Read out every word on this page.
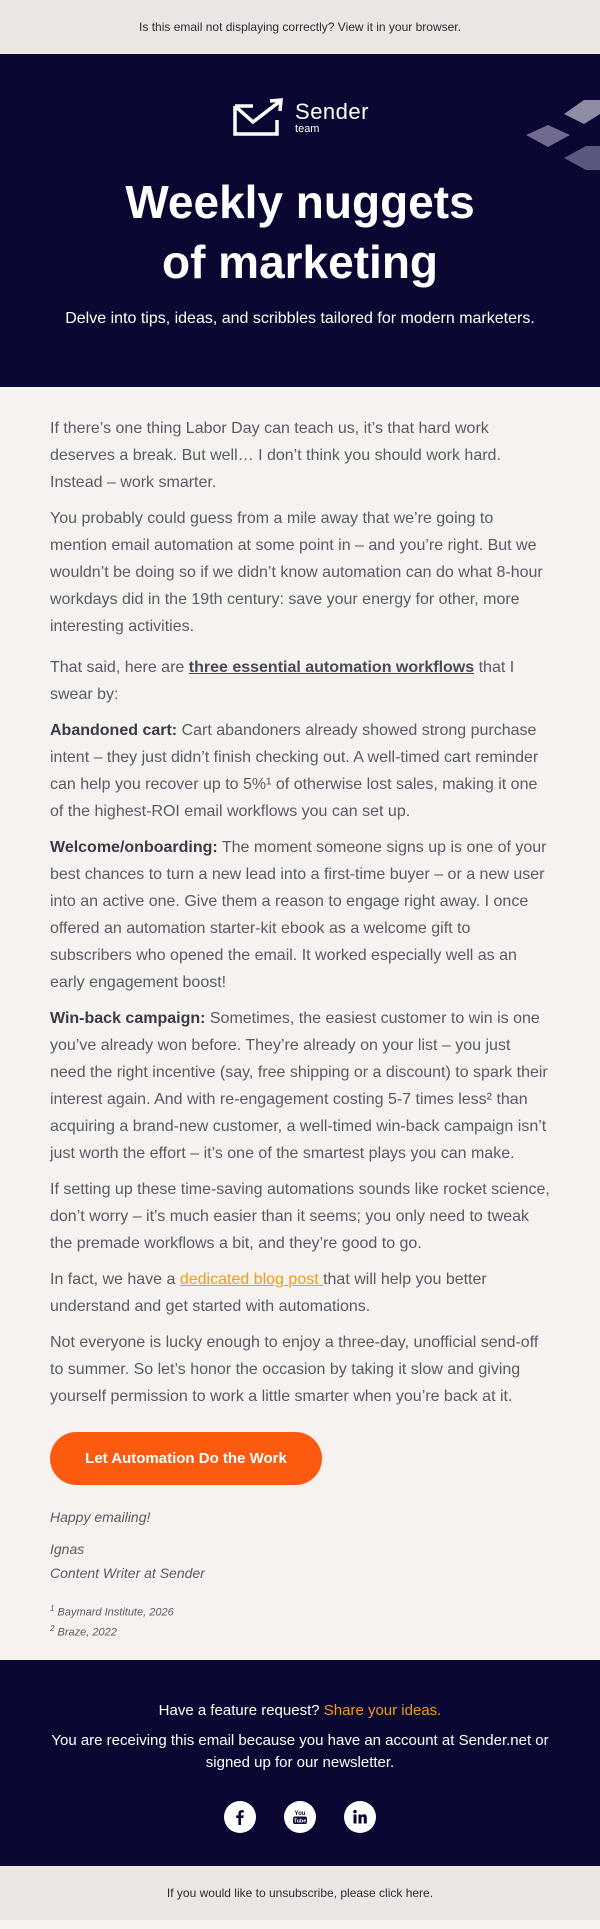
Is this email not displaying correctly? View it in your browser.
Sender
team
Weekly nuggets
of marketing
Delve into tips, ideas, and scribbles tailored for modern marketers.

If there’s one thing Labor Day can teach us, it’s that hard work deserves a break. But well… I don’t think you should work hard. Instead – work smarter.

You probably could guess from a mile away that we’re going to mention email automation at some point in – and you’re right. But we wouldn’t be doing so if we didn’t know automation can do what 8-hour workdays did in the 19th century: save your energy for other, more interesting activities.

That said, here are three essential automation workflows that I swear by:

Abandoned cart: Cart abandoners already showed strong purchase intent – they just didn’t finish checking out. A well-timed cart reminder can help you recover up to 5%¹ of otherwise lost sales, making it one of the highest-ROI email workflows you can set up.

Welcome/onboarding: The moment someone signs up is one of your best chances to turn a new lead into a first-time buyer – or a new user into an active one. Give them a reason to engage right away. I once offered an automation starter-kit ebook as a welcome gift to subscribers who opened the email. It worked especially well as an early engagement boost!

Win-back campaign: Sometimes, the easiest customer to win is one you’ve already won before. They’re already on your list – you just need the right incentive (say, free shipping or a discount) to spark their interest again. And with re-engagement costing 5-7 times less² than acquiring a brand-new customer, a well-timed win-back campaign isn’t just worth the effort – it’s one of the smartest plays you can make.

If setting up these time-saving automations sounds like rocket science, don’t worry – it’s much easier than it seems; you only need to tweak the premade workflows a bit, and they’re good to go.

In fact, we have a dedicated blog post that will help you better understand and get started with automations.

Not everyone is lucky enough to enjoy a three-day, unofficial send-off to summer. So let’s honor the occasion by taking it slow and giving yourself permission to work a little smarter when you’re back at it.

Let Automation Do the Work
Happy emailing!
Ignas
Content Writer at Sender
$^1$ Baymard Institute, 2026
$^2$ Braze, 2022
Have a feature request? Share your ideas.
You are receiving this email because you have an account at Sender.net or signed up for our newsletter.
You
Tube
If you would like to unsubscribe, please click here.
